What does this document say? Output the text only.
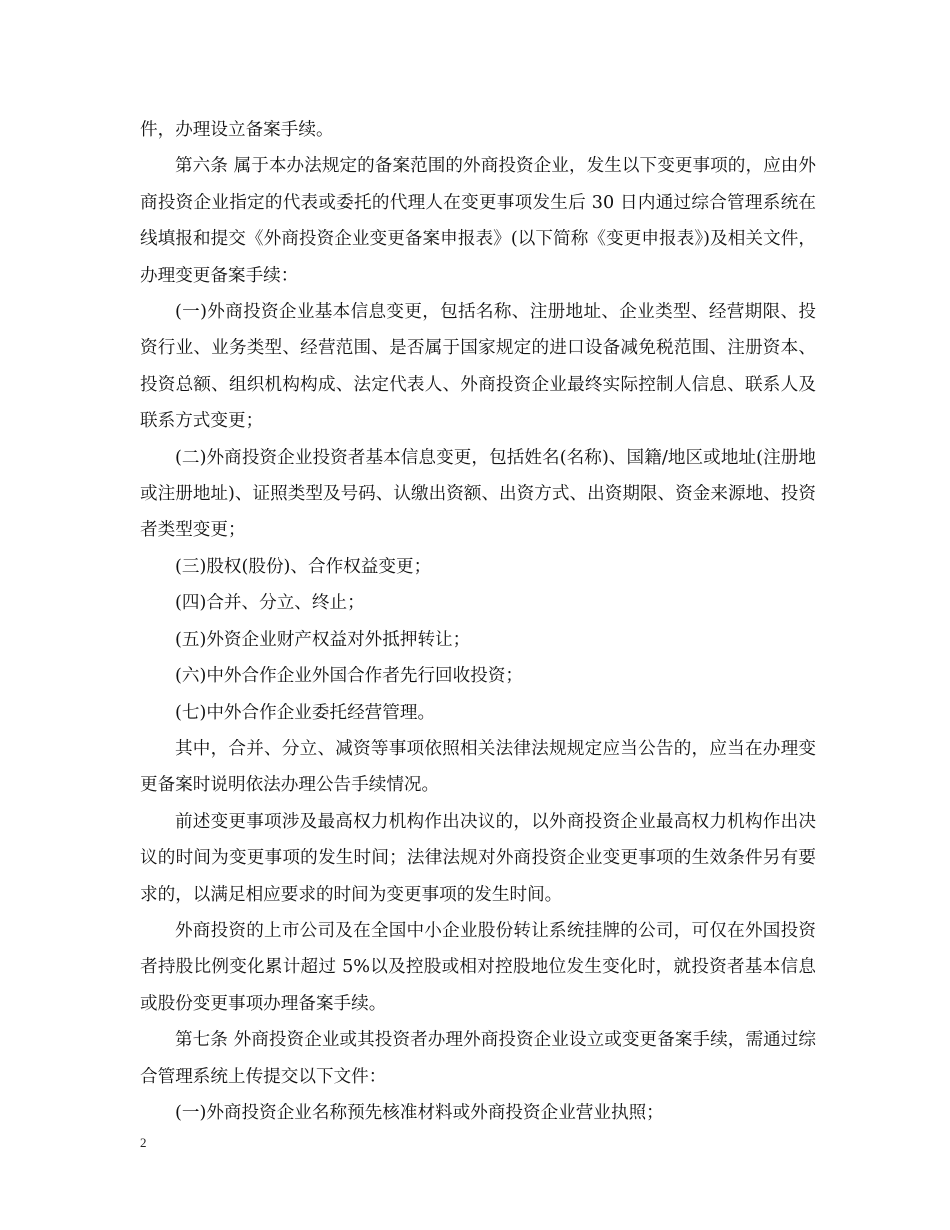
件，办理设立备案手续。

第六条 属于本办法规定的备案范围的外商投资企业，发生以下变更事项的，应由外商投资企业指定的代表或委托的代理人在变更事项发生后 30 日内通过综合管理系统在线填报和提交《外商投资企业变更备案申报表》(以下简称《变更申报表》)及相关文件，办理变更备案手续：

(一)外商投资企业基本信息变更，包括名称、注册地址、企业类型、经营期限、投资行业、业务类型、经营范围、是否属于国家规定的进口设备减免税范围、注册资本、投资总额、组织机构构成、法定代表人、外商投资企业最终实际控制人信息、联系人及联系方式变更；

(二)外商投资企业投资者基本信息变更，包括姓名(名称)、国籍/地区或地址(注册地或注册地址)、证照类型及号码、认缴出资额、出资方式、出资期限、资金来源地、投资者类型变更；

(三)股权(股份)、合作权益变更；

(四)合并、分立、终止；

(五)外资企业财产权益对外抵押转让；

(六)中外合作企业外国合作者先行回收投资；

(七)中外合作企业委托经营管理。

其中，合并、分立、减资等事项依照相关法律法规规定应当公告的，应当在办理变更备案时说明依法办理公告手续情况。

前述变更事项涉及最高权力机构作出决议的，以外商投资企业最高权力机构作出决议的时间为变更事项的发生时间；法律法规对外商投资企业变更事项的生效条件另有要求的，以满足相应要求的时间为变更事项的发生时间。

外商投资的上市公司及在全国中小企业股份转让系统挂牌的公司，可仅在外国投资者持股比例变化累计超过 5%以及控股或相对控股地位发生变化时，就投资者基本信息或股份变更事项办理备案手续。

第七条 外商投资企业或其投资者办理外商投资企业设立或变更备案手续，需通过综合管理系统上传提交以下文件：

(一)外商投资企业名称预先核准材料或外商投资企业营业执照；

2
